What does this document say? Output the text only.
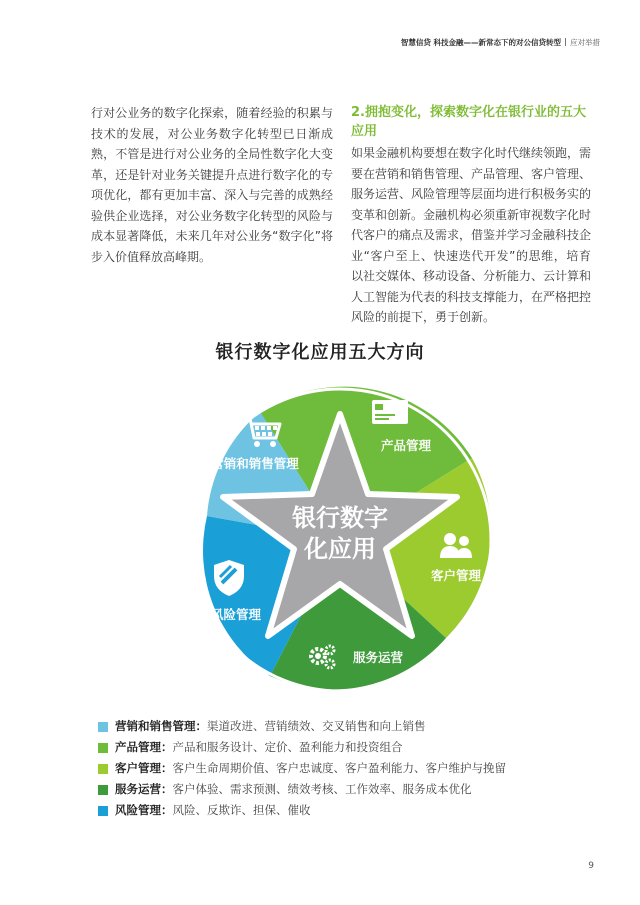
智慧信贷 科技金融——新常态下的对公信贷转型 应对举措
行对公业务的数字化探索，随着经验的积累与技术的发展，对公业务数字化转型已日渐成熟，不管是进行对公业务的全局性数字化大变革，还是针对业务关键提升点进行数字化的专项优化，都有更加丰富、深入与完善的成熟经验供企业选择，对公业务数字化转型的风险与成本显著降低，未来几年对公业务“数字化”将步入价值释放高峰期。
2.拥抱变化，探索数字化在银行业的五大应用

如果金融机构要想在数字化时代继续领跑，需要在营销和销售管理、产品管理、客户管理、服务运营、风险管理等层面均进行积极务实的变革和创新。金融机构必须重新审视数字化时代客户的痛点及需求，借鉴并学习金融科技企业“客户至上、快速迭代开发”的思维，培育以社交媒体、移动设备、分析能力、云计算和人工智能为代表的科技支撑能力，在严格把控风险的前提下，勇于创新。

银行数字化应用五大方向
银行数字
化应用
营销和销售管理
产品管理
客户管理
服务运营
风险管理
营销和销售管理： 渠道改进、营销绩效、交叉销售和向上销售
产品管理： 产品和服务设计、定价、盈利能力和投资组合
客户管理： 客户生命周期价值、客户忠诚度、客户盈利能力、客户维护与挽留
服务运营： 客户体验、需求预测、绩效考核、工作效率、服务成本优化
风险管理： 风险、反欺诈、担保、催收
9
